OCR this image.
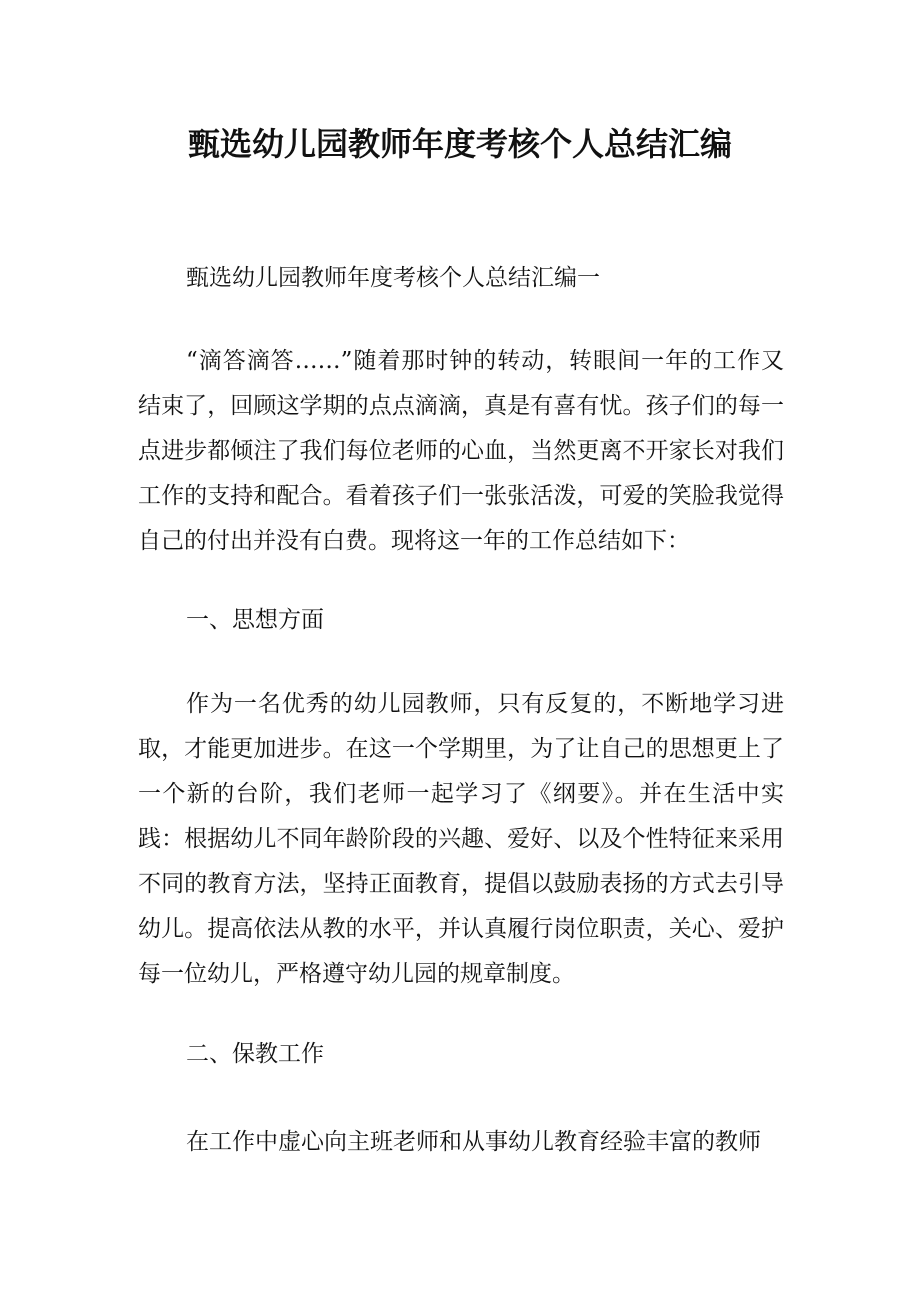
甄选幼儿园教师年度考核个人总结汇编

甄选幼儿园教师年度考核个人总结汇编一

“滴答滴答……”随着那时钟的转动，转眼间一年的工作又结束了，回顾这学期的点点滴滴，真是有喜有忧。孩子们的每一点进步都倾注了我们每位老师的心血，当然更离不开家长对我们工作的支持和配合。看着孩子们一张张活泼，可爱的笑脸我觉得自己的付出并没有白费。现将这一年的工作总结如下：

一、思想方面

作为一名优秀的幼儿园教师，只有反复的，不断地学习进取，才能更加进步。在这一个学期里，为了让自己的思想更上了一个新的台阶，我们老师一起学习了《纲要》。并在生活中实践：根据幼儿不同年龄阶段的兴趣、爱好、以及个性特征来采用不同的教育方法，坚持正面教育，提倡以鼓励表扬的方式去引导幼儿。提高依法从教的水平，并认真履行岗位职责，关心、爱护每一位幼儿，严格遵守幼儿园的规章制度。

二、保教工作

在工作中虚心向主班老师和从事幼儿教育经验丰富的教师
